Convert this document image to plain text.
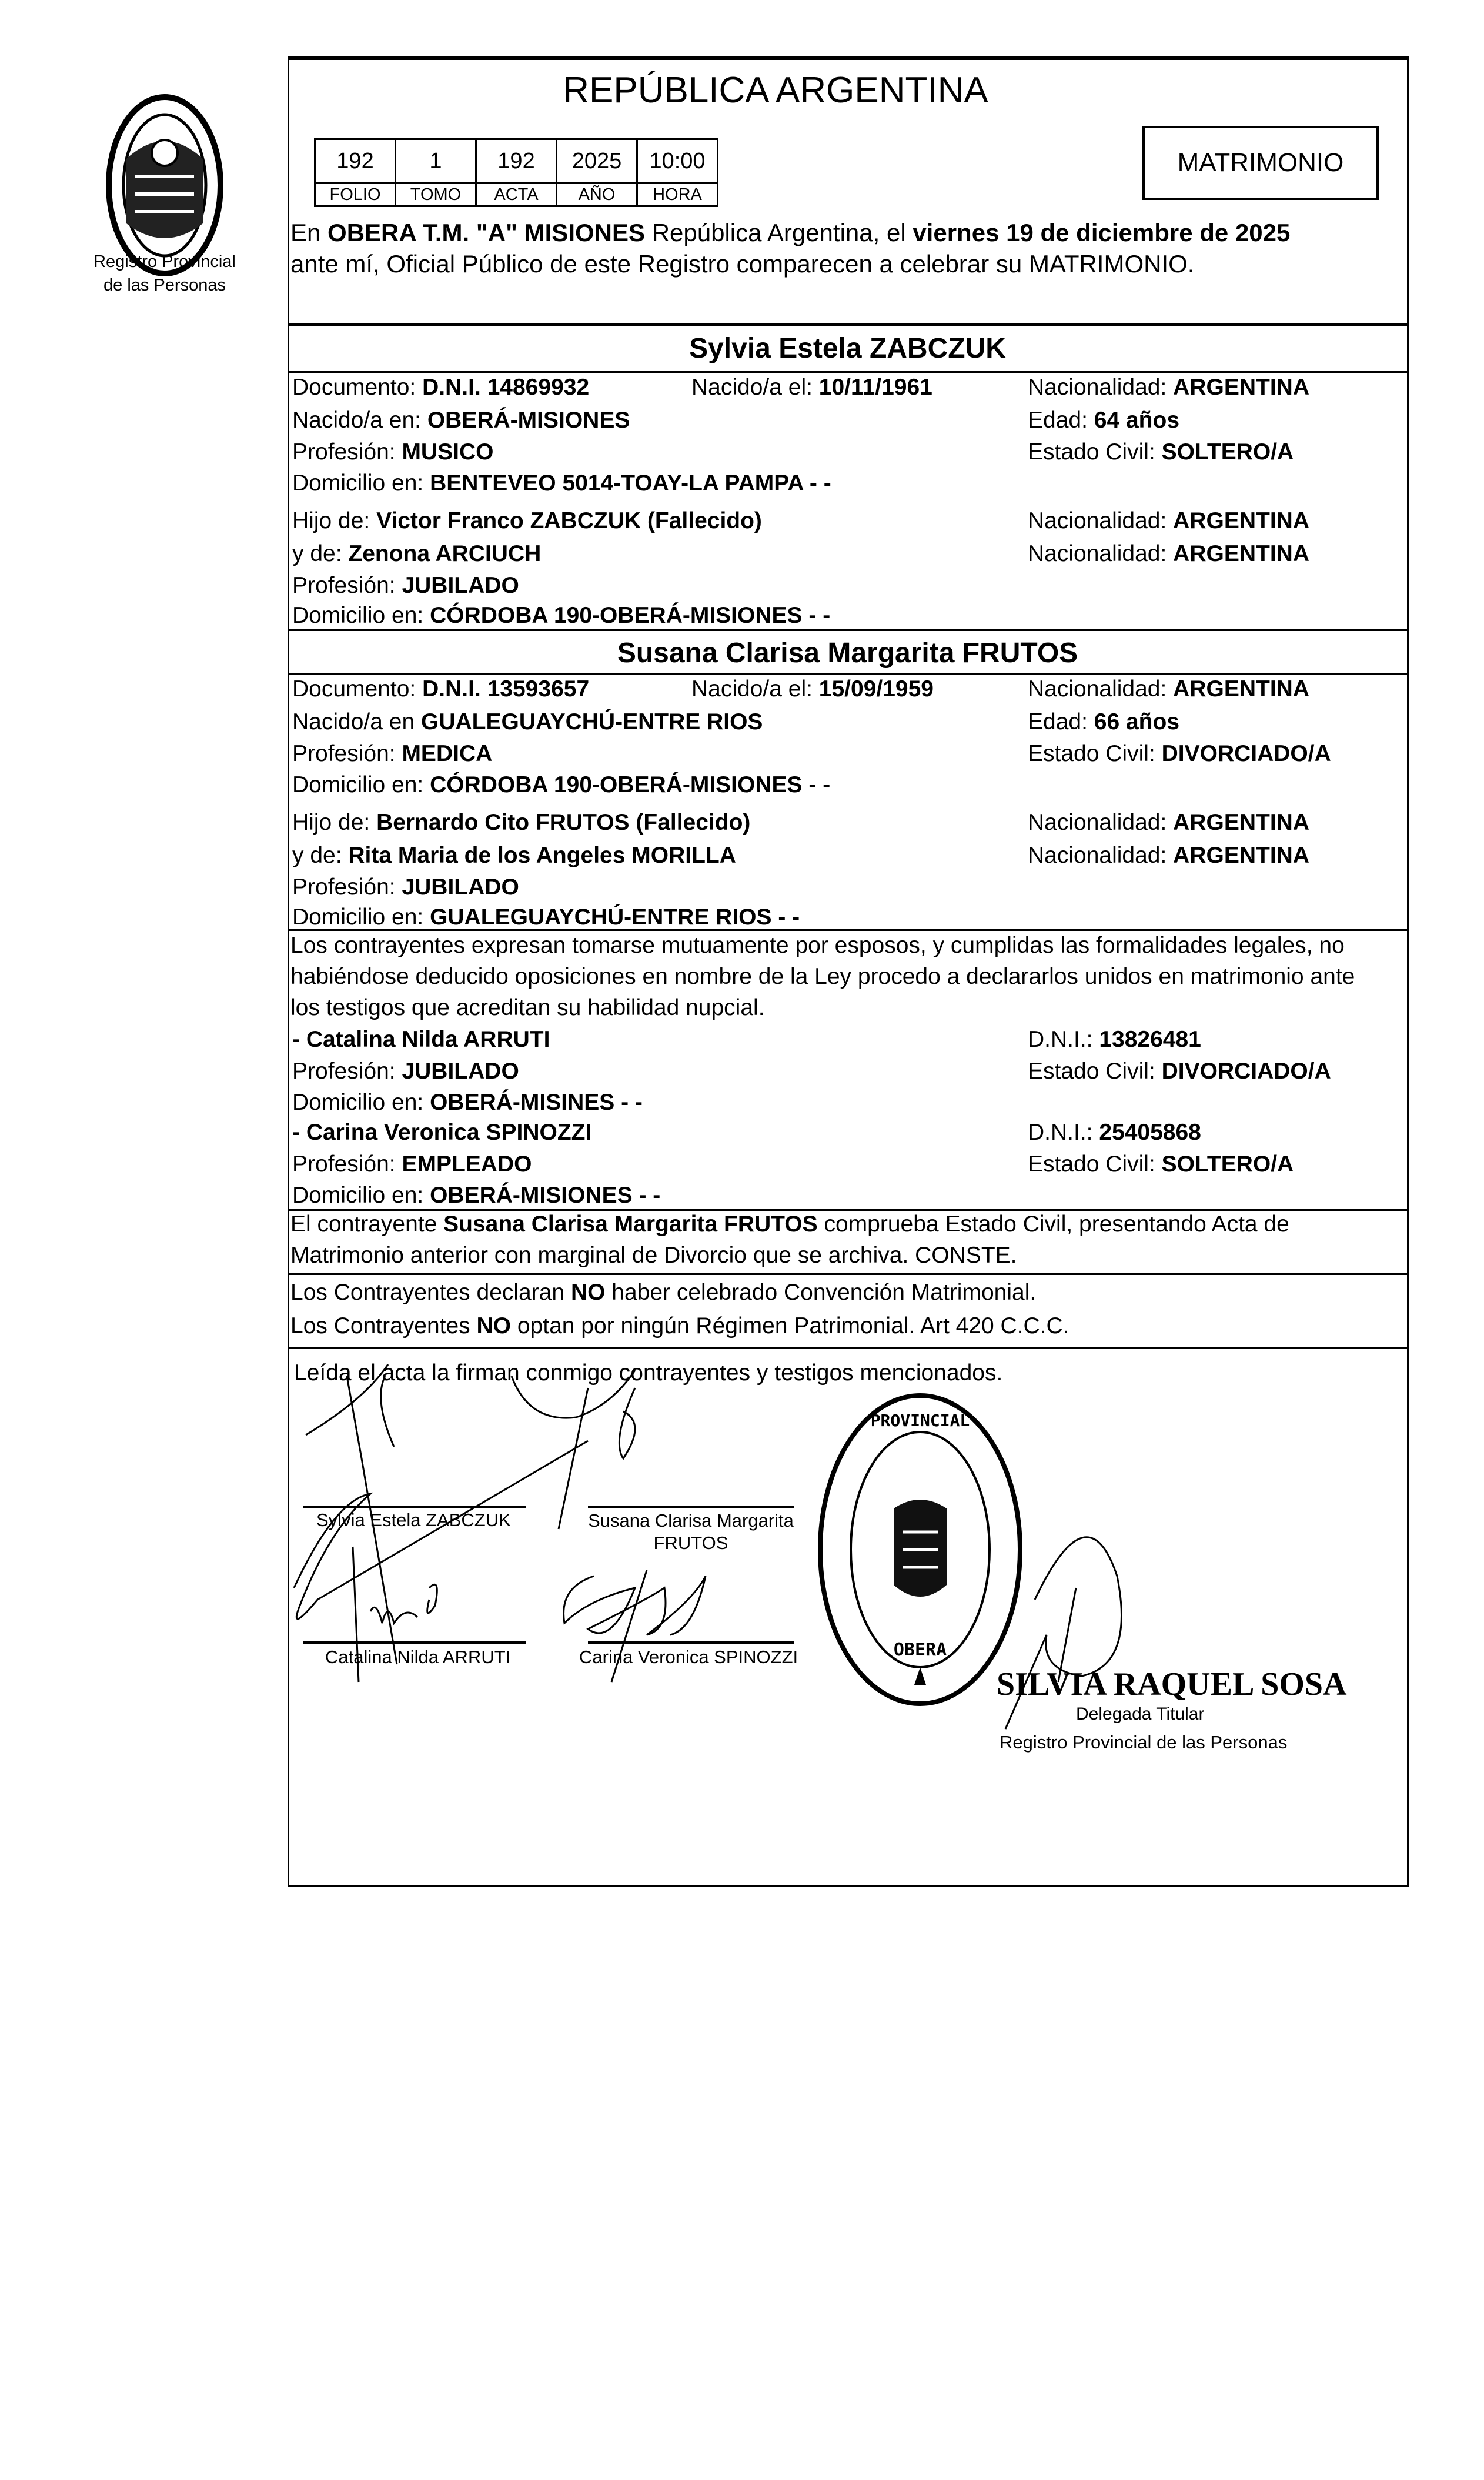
Registro Provincial
de las Personas
REPÚBLICA ARGENTINA
192	1	192	2025	10:00
FOLIO	TOMO	ACTA	AÑO	HORA
MATRIMONIO
En OBERA T.M. "A" MISIONES República Argentina, el viernes 19 de diciembre de 2025
ante mí, Oficial Público de este Registro comparecen a celebrar su MATRIMONIO.
Sylvia Estela ZABCZUK
Susana Clarisa Margarita FRUTOS
Los contrayentes expresan tomarse mutuamente por esposos, y cumplidas las formalidades legales, no
habiéndose deducido oposiciones en nombre de la Ley procedo a declararlos unidos en matrimonio ante
los testigos que acreditan su habilidad nupcial.
El contrayente Susana Clarisa Margarita FRUTOS comprueba Estado Civil, presentando Acta de
Matrimonio anterior con marginal de Divorcio que se archiva. CONSTE.
Los Contrayentes declaran NO haber celebrado Convención Matrimonial.
Los Contrayentes NO optan por ningún Régimen Patrimonial. Art 420 C.C.C.
Leída el acta la firman conmigo contrayentes y testigos mencionados.
Sylvia Estela ZABCZUK	Susana Clarisa Margarita
FRUTOS
Catalina Nilda ARRUTI	Carina Veronica SPINOZZI
PROVINCIAL
OBERA
SILVIA RAQUEL SOSA
Delegada Titular
Registro Provincial de las Personas
Documento: D.N.I. 14869932	Nacido/a el: 10/11/1961	Nacionalidad: ARGENTINA
Nacido/a en: OBERÁ-MISIONES	Edad: 64 años
Profesión: MUSICO	Estado Civil: SOLTERO/A
Domicilio en: BENTEVEO 5014-TOAY-LA PAMPA - -
Hijo de: Victor Franco ZABCZUK (Fallecido)	Nacionalidad: ARGENTINA
y de: Zenona ARCIUCH	Nacionalidad: ARGENTINA
Profesión: JUBILADO
Domicilio en: CÓRDOBA 190-OBERÁ-MISIONES - -
Documento: D.N.I. 13593657	Nacido/a el: 15/09/1959	Nacionalidad: ARGENTINA
Nacido/a en GUALEGUAYCHÚ-ENTRE RIOS	Edad: 66 años
Profesión: MEDICA	Estado Civil: DIVORCIADO/A
Domicilio en: CÓRDOBA 190-OBERÁ-MISIONES - -
Hijo de: Bernardo Cito FRUTOS (Fallecido)	Nacionalidad: ARGENTINA
y de: Rita Maria de los Angeles MORILLA	Nacionalidad: ARGENTINA
Profesión: JUBILADO
Domicilio en: GUALEGUAYCHÚ-ENTRE RIOS - -
- Catalina Nilda ARRUTI	D.N.I.: 13826481
Profesión: JUBILADO	Estado Civil: DIVORCIADO/A
Domicilio en: OBERÁ-MISINES - -
- Carina Veronica SPINOZZI	D.N.I.: 25405868
Profesión: EMPLEADO	Estado Civil: SOLTERO/A
Domicilio en: OBERÁ-MISIONES - -
